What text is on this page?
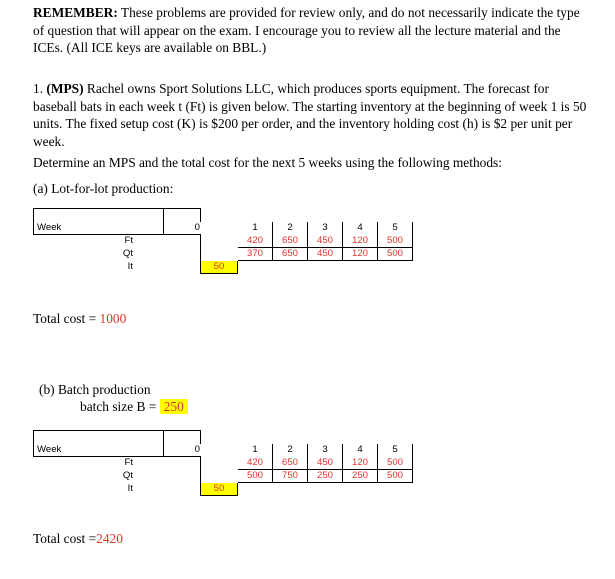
REMEMBER: These problems are provided for review only, and do not necessarily indicate the type of question that will appear on the exam. I encourage you to review all the lecture material and the ICEs. (All ICE keys are available on BBL.)
1. (MPS) Rachel owns Sport Solutions LLC, which produces sports equipment. The forecast for baseball bats in each week t (Ft) is given below. The starting inventory at the beginning of week 1 is 50 units. The fixed setup cost (K) is $200 per order, and the inventory holding cost (h) is $2 per unit per week.
Determine an MPS and the total cost for the next 5 weeks using the following methods:
(a) Lot-for-lot production:

Week	0		1	2	3	4	5
Ft			420	650	450	120	500
Qt			370	650	450	120	500
It		50					
Total cost = 1000
(b) Batch production
batch size B = 250

Week	0		1	2	3	4	5
Ft			420	650	450	120	500
Qt			500	750	250	250	500
It		50					
Total cost =2420
